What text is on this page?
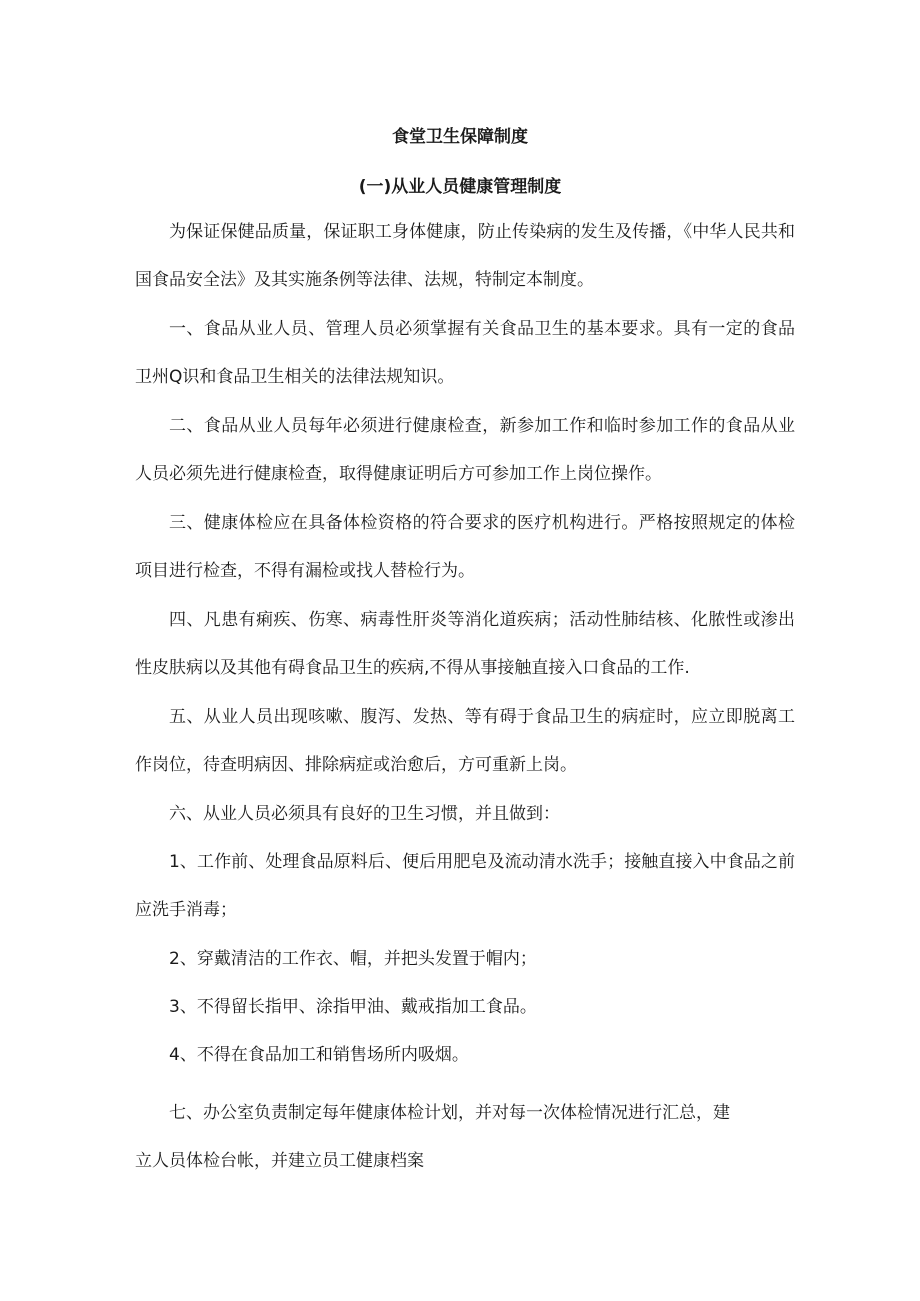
食堂卫生保障制度

(一)从业人员健康管理制度

为保证保健品质量，保证职工身体健康，防止传染病的发生及传播，《中华人民共和国食品安全法》及其实施条例等法律、法规，特制定本制度。

一、食品从业人员、管理人员必须掌握有关食品卫生的基本要求。具有一定的食品卫州Q识和食品卫生相关的法律法规知识。

二、食品从业人员每年必须进行健康检查，新参加工作和临时参加工作的食品从业人员必须先进行健康检查，取得健康证明后方可参加工作上岗位操作。

三、健康体检应在具备体检资格的符合要求的医疗机构进行。严格按照规定的体检项目进行检查，不得有漏检或找人替检行为。

四、凡患有痢疾、伤寒、病毒性肝炎等消化道疾病；活动性肺结核、化脓性或渗出性皮肤病以及其他有碍食品卫生的疾病,不得从事接触直接入口食品的工作.

五、从业人员出现咳嗽、腹泻、发热、等有碍于食品卫生的病症时，应立即脱离工作岗位，待查明病因、排除病症或治愈后，方可重新上岗。

六、从业人员必须具有良好的卫生习惯，并且做到：

1、工作前、处理食品原料后、便后用肥皂及流动清水洗手；接触直接入中食品之前应洗手消毒；

2、穿戴清洁的工作衣、帽，并把头发置于帽内；

3、不得留长指甲、涂指甲油、戴戒指加工食品。

4、不得在食品加工和销售场所内吸烟。

七、办公室负责制定每年健康体检计划，并对每一次体检情况进行汇总，建

立人员体检台帐，并建立员工健康档案
